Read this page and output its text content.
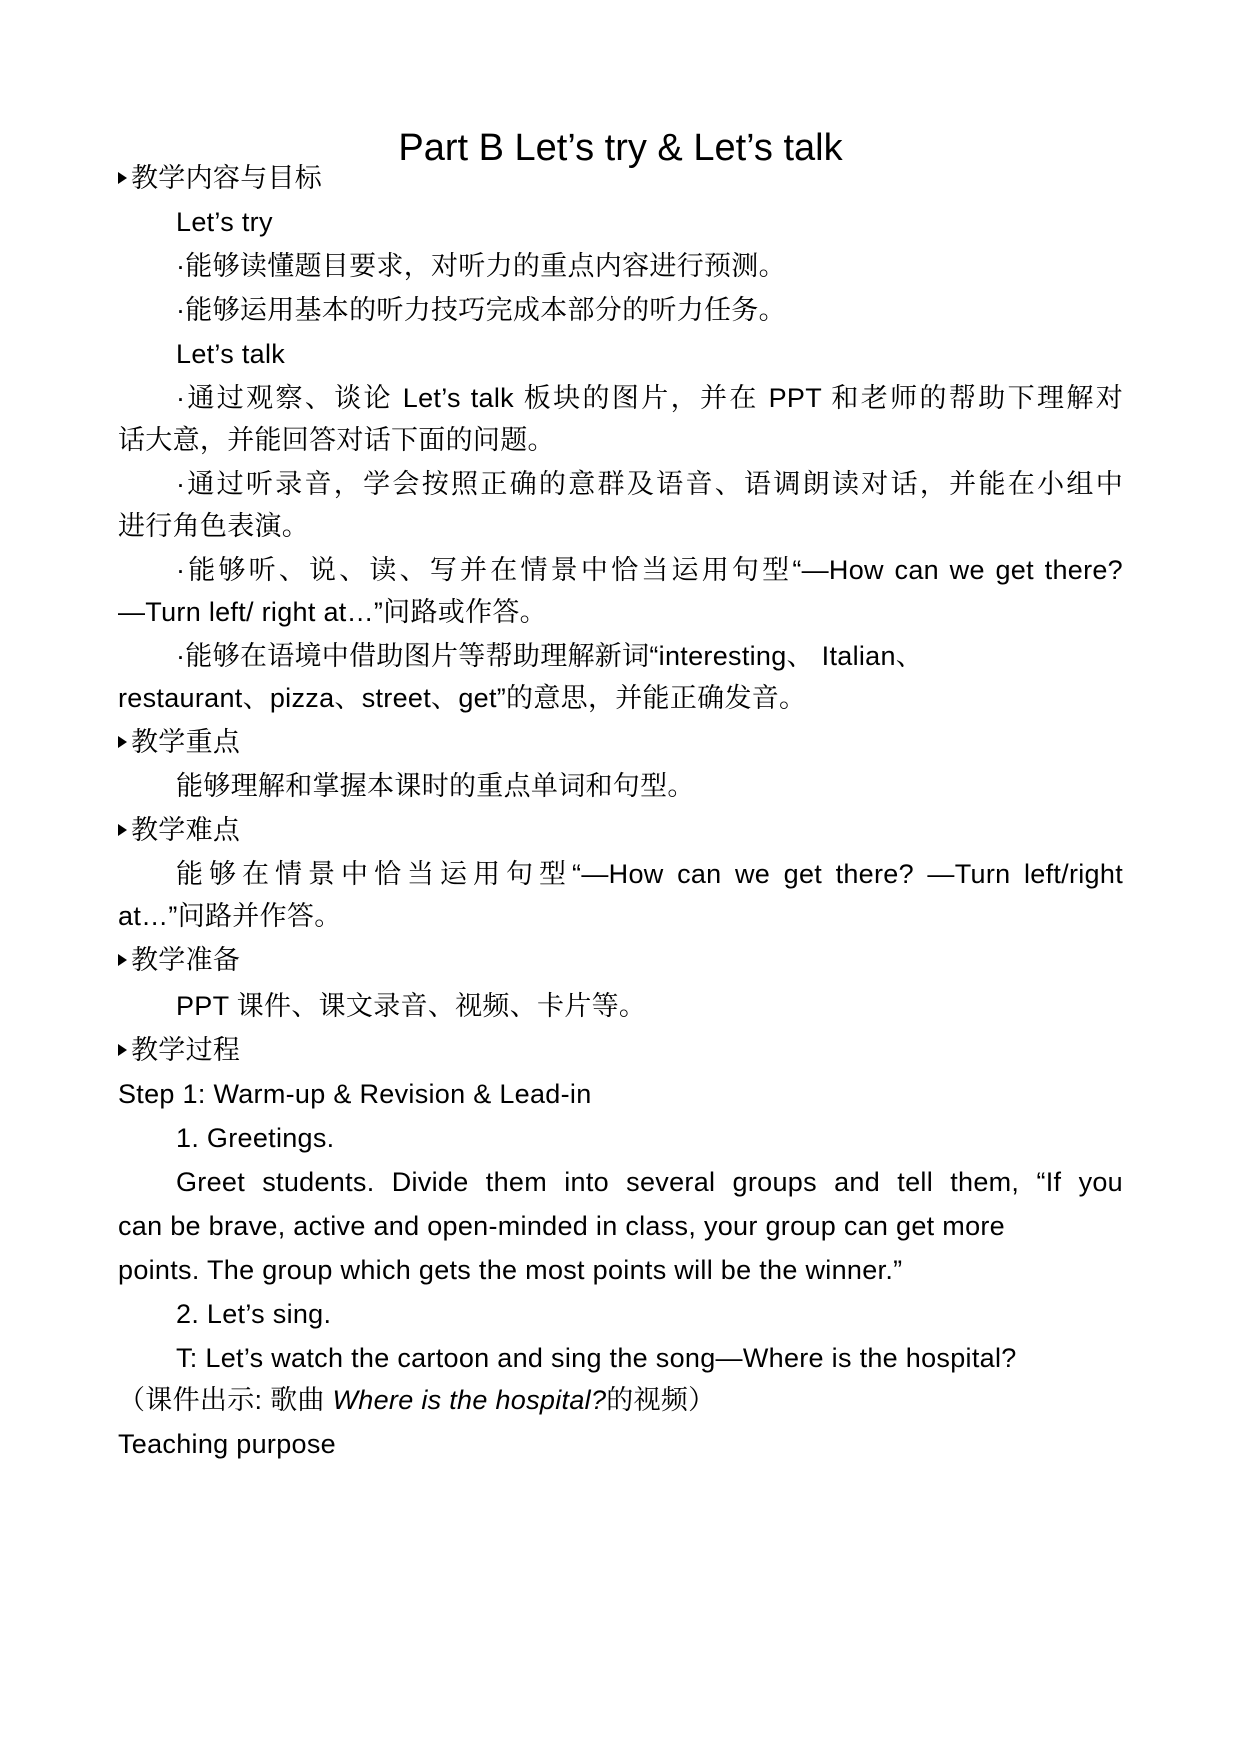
Part B Let’s try & Let’s talk
教学内容与目标
Let’s try
·能够读懂题目要求，对听力的重点内容进行预测。
·能够运用基本的听力技巧完成本部分的听力任务。
Let’s talk
·通过观察、谈论 Let’s talk 板块的图片，并在 PPT 和老师的帮助下理解对
话大意，并能回答对话下面的问题。
·通过听录音，学会按照正确的意群及语音、语调朗读对话，并能在小组中
进行角色表演。
·能够听、说、读、写并在情景中恰当运用句型“—How can we get there?
—Turn left/ right at…”问路或作答。
·能够在语境中借助图片等帮助理解新词“interesting、 Italian、
restaurant、pizza、street、get”的意思，并能正确发音。
教学重点
能够理解和掌握本课时的重点单词和句型。
教学难点
能够在情景中恰当运用句型“—How can we get there? —Turn left/right
at…”问路并作答。
教学准备
PPT 课件、课文录音、视频、卡片等。
教学过程
Step 1: Warm-up & Revision & Lead-in
1. Greetings.
Greet students. Divide them into several groups and tell them, “If you
can be brave, active and open-minded in class, your group can get more
points. The group which gets the most points will be the winner.”
2. Let’s sing.
T: Let’s watch the cartoon and sing the song—Where is the hospital?
（课件出示: 歌曲 Where is the hospital?的视频）
Teaching purpose
